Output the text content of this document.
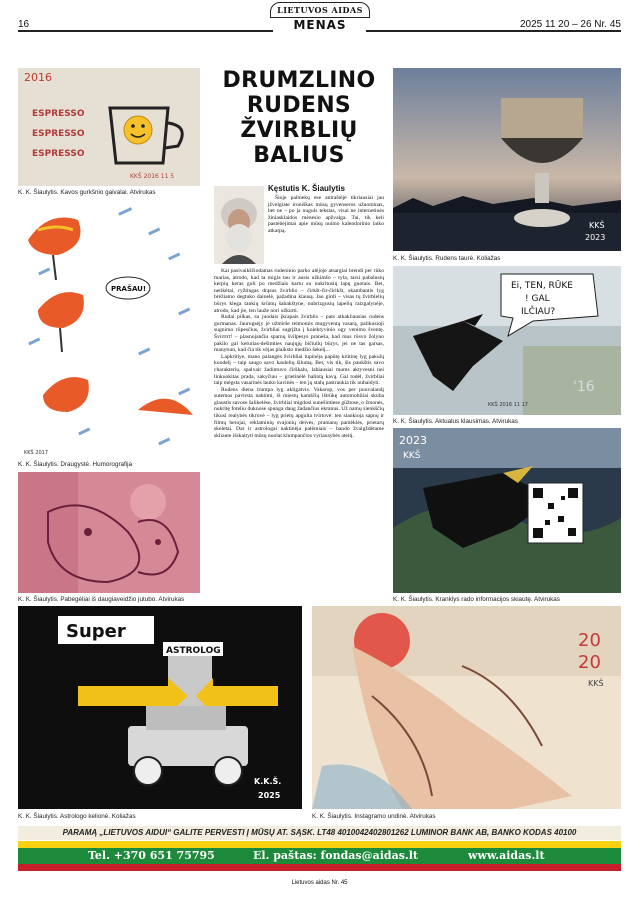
LIETUVOS AIDAS
16	MENAS	2025 11 20 – 26 Nr. 45
2016
ESPRESSO
ESPRESSO
ESPRESSO
KKŠ 2016 11 5
K. K. Šiaulytis. Kavos gurkšnio gaivalai. Atvirukas
PRAŠAU!
KKŠ 2017
K. K. Šiaulytis. Draugystė. Humorografija
K. K. Šiaulytis. Pabėgėliai iš daugiaveidžio jutubo. Atvirukas
DRUMZLINO
RUDENS
ŽVIRBLIŲ
BALIUS
Kęstutis K. Šiaulytis

Šioje palmekų ese antraštėje tikriausiai jau įžvelgiate ironiškas mūsų gyvenseros užuominas, bet ne – po ja nuguls tekstas, visai ne internetinės žiniasklaidos mėnesio apžvalga. Tai, tik keli pastebėjimai apie mūsų nuimo kalendorinio laiko atkarpą.

Kai pasivaikščiodamas rudeninio parko alėjoje atsargiai brendi per rūko marias, atrodo, kad ta migla tau ir ausis užkimšo – tyla, tarsi pabalusių kerpių keras guli po medžiais kartu su nukritusių lapų guotais. Bet, netikėtai, ryžtingas drąsus žvirblio – čirkšt-čir-čirikšt, skambantis lyg brėžiamo degtuko dainelė, pažadina klausą. Jau girdi – visas tų žvirblelių būrys klega tankių krūmų šabakštyne, nubrizgusių lapelių raizgalynėje, atrodo, kad jie, ten lauže nori užkurti.

Rudai pilkas, su juodais įkrapais žvirblis – pats atkakliausias rudens gurmanas. Jaurugsėjy je užmirše teimomis mugyventą vasarą, palikusioji sugnimo rūpesčius, žvirbliai sugrįžta į kolektyvinio ogy venimo šventę. Švirrrrt! – plasnojančiu sparnų švilpesys praneša, kad mus rūsvo žolyno pakilo gal keturias-dešimties naujųjų bičiulių būrys, jei ne tas garsas, manytum, kad čia tik vėjas plaiksto medžio šekelį...

Lapkritiye, mano palangės žvirbliai tupinėja papūtę krūtinę lyg pakulų kuodelį – taip saugo savo kaulelių šilumą. Bet, vis tik, šis paukštis savo charakteriu, spalvair žadintuvo čirškalu, labiausiai mums aktyvesni nei linkuokitas prada, sakyčiau – grietinėlė balintą kavą. Gal todėl, žvirbliai taip mėgsta vasarinės lauko kavinės – ten jų stalų pastraukia tik nubaidyti.

Rudens diena trumpa lyg akligatvis. Vakarop, vos per puuvalandį sutemos pavirsta naktimi, iš miestų kamščių ištrūkę automobiliai skuba glaustis savose šalikelėse, žvirbliai migdosi sunešintiese gūžtose, o žmonės, nukritę foteliu duknose spunga daug žadančius ekranus. Už namų sienkščių likusi realybės tikrovė – lyg prielų apgulta tvirtovė: ten slankioja sapnų ir filmų herojai, reklaminių svajonių deivės, pramanų pamėklės, prietarų skeletai. Dar ir astrologai naktinėja palėmiais – bando žvaigždėtame skliaute išskaityti mūsų nuolat klumpančios vyriausybės ateitį.

KKŠ
2023
K. K. Šiaulytis. Rudens taurė. Koliažas
Ei, TEN, RŪKE
! GAL
ILČIAU?
KKŠ 2016 11 17
'16
K. K. Šiaulytis. Aktualus klausimas. Atvirukas
2023
KKŠ
K. K. Šiaulytis. Kranklys rado informacijos skiautę. Atvirukas
Super
ASTROLOG
K.K.Š.
2025
K. K. Šiaulytis. Astrologo kelionė. Koliažas
20
20
KKŠ
K. K. Šiaulytis. Instagramo undinė. Atvirukas
PARAMĄ „LIETUVOS AIDUI“ GALITE PERVESTI Į MŪSŲ AT. SĄSK. LT48 4010042402801262 LUMINOR BANK AB, BANKO KODAS 40100
Tel. +370 651 75795	El. paštas: fondas@aidas.lt	www.aidas.lt
Lietuvos aidas Nr. 45
